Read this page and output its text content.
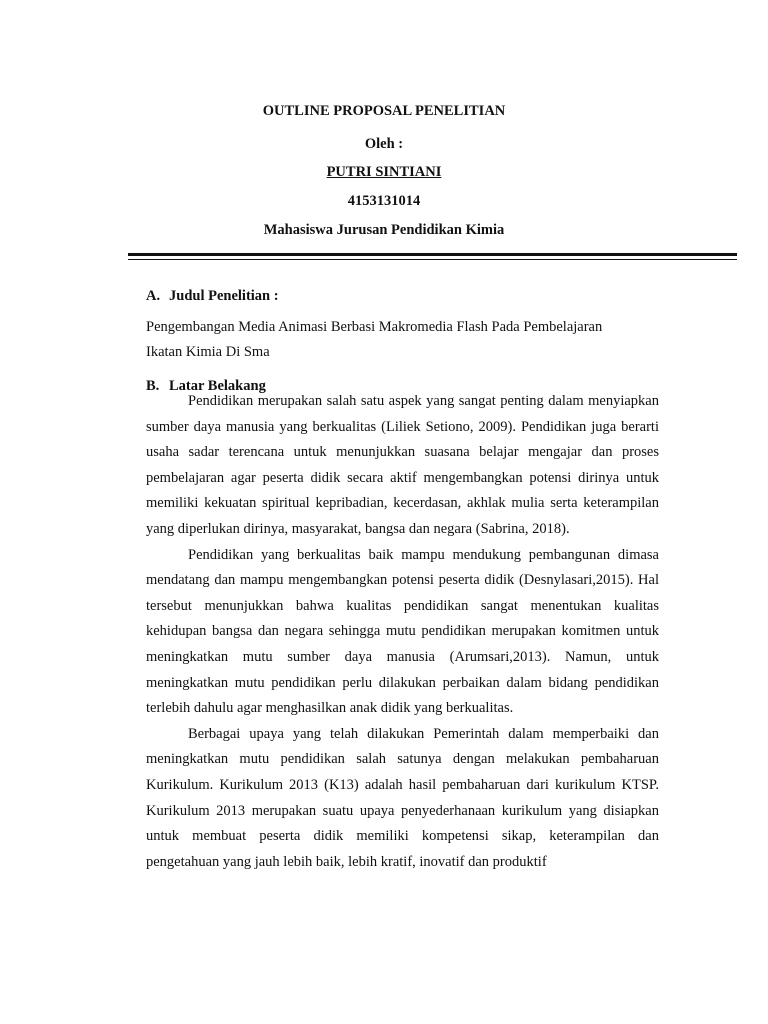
OUTLINE PROPOSAL PENELITIAN
Oleh :
PUTRI SINTIANI
4153131014
Mahasiswa Jurusan Pendidikan Kimia
A. Judul Penelitian :
Pengembangan Media Animasi Berbasi Makromedia Flash Pada Pembelajaran
Ikatan Kimia Di Sma
B. Latar Belakang

Pendidikan merupakan salah satu aspek yang sangat penting dalam menyiapkan sumber daya manusia yang berkualitas (Liliek Setiono, 2009). Pendidikan juga berarti usaha sadar terencana untuk menunjukkan suasana belajar mengajar dan proses pembelajaran agar peserta didik secara aktif mengembangkan potensi dirinya untuk memiliki kekuatan spiritual kepribadian, kecerdasan, akhlak mulia serta keterampilan yang diperlukan dirinya, masyarakat, bangsa dan negara (Sabrina, 2018).

Pendidikan yang berkualitas baik mampu mendukung pembangunan dimasa mendatang dan mampu mengembangkan potensi peserta didik (Desnylasari,2015). Hal tersebut menunjukkan bahwa kualitas pendidikan sangat menentukan kualitas kehidupan bangsa dan negara sehingga mutu pendidikan merupakan komitmen untuk meningkatkan mutu sumber daya manusia (Arumsari,2013). Namun, untuk meningkatkan mutu pendidikan perlu dilakukan perbaikan dalam bidang pendidikan terlebih dahulu agar menghasilkan anak didik yang berkualitas.

Berbagai upaya yang telah dilakukan Pemerintah dalam memperbaiki dan meningkatkan mutu pendidikan salah satunya dengan melakukan pembaharuan Kurikulum. Kurikulum 2013 (K13) adalah hasil pembaharuan dari kurikulum KTSP. Kurikulum 2013 merupakan suatu upaya penyederhanaan kurikulum yang disiapkan untuk membuat peserta didik memiliki kompetensi sikap, keterampilan dan pengetahuan yang jauh lebih baik, lebih kratif, inovatif dan produktif
